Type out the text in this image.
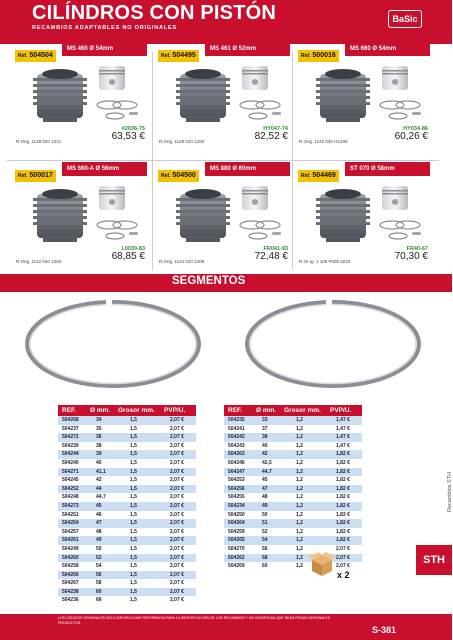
CILÍNDROS CON PISTÓN
RECAMBIOS ADAPTABLES NO ORIGINALES
BaSic
MS 460 Ø 54mm
Ref. 504504
#2036-75
R.Orig. 1128 020 1221	63,53 €
MS 461 Ø 52mm
Ref. 504495
HY047-74
R.Orig. 1128 020 1250	82,52 €
MS 660 Ø 54mm
Ref. 500016
HY034-86
R.Orig. 1122 020 H1209	60,26 €
MS 660-A Ø 56mm
Ref. 500017
L0039-83
R.Orig. 1122 020 1250	68,85 €
MS 880 Ø 60mm
Ref. 504500
FR041-93
R.Orig. 1124 020 1209	72,48 €
ST 070 Ø 58mm
Ref. 504469
FR40-67
R.Or-ig. 1 106 P000 3232	70,30 €
SEGMENTOS
REF. Ø mm. Grosor mm. PVP/U.
504268	34	1,5	2,07 €
504237	35	1,5	2,07 €
504272	36	1,5	2,07 €
504239	38	1,5	2,07 €
504244	39	1,5	2,07 €
504240	40	1,5	2,07 €
504271	41,1	1,5	2,07 €
504245	42	1,5	2,07 €
504252	44	1,5	2,07 €
504248	44,7	1,5	2,07 €
504273	45	1,5	2,07 €
504251	46	1,5	2,07 €
504254	47	1,5	2,07 €
504257	48	1,5	2,07 €
504261	49	1,5	2,07 €
504249	50	1,5	2,07 €
504260	52	1,5	2,07 €
504258	54	1,5	2,07 €
504266	56	1,5	2,07 €
504267	58	1,5	2,07 €
504238	60	1,5	2,07 €
504236	66	1,5	2,07 €
REF. Ø mm. Grosor mm. PVP/U.
504235	33	1,2	1,47 €
504241	37	1,2	1,47 €
504242	38	1,2	1,47 €
504243	40	1,2	1,47 €
504263	42	1,2	1,82 €
504246	42,5	1,2	1,82 €
504247	44,7	1,2	1,82 €
504253	45	1,2	1,82 €
504256	47	1,2	1,82 €
504255	48	1,2	1,82 €
504234	49	1,2	1,82 €
504250	50	1,2	1,82 €
504264	51	1,2	1,82 €
504259	52	1,2	1,82 €
504265	54	1,2	1,82 €
504270	56	1,2	2,07 €
504262	58	1,2	2,07 €
504269	60	1,2	2,07 €
x 2
Recambios STH
STH
LOS CÓDIGOS ORIGINALES SÓLO SIRVEN COMO REFERENCIA PARA LA IDENTIFICACIÓN DE LOS RECAMBIOS Y NO SIGNIFICAN QUE SEAN PIEZAS ORIGINALES PRODUCTOS
S-381
